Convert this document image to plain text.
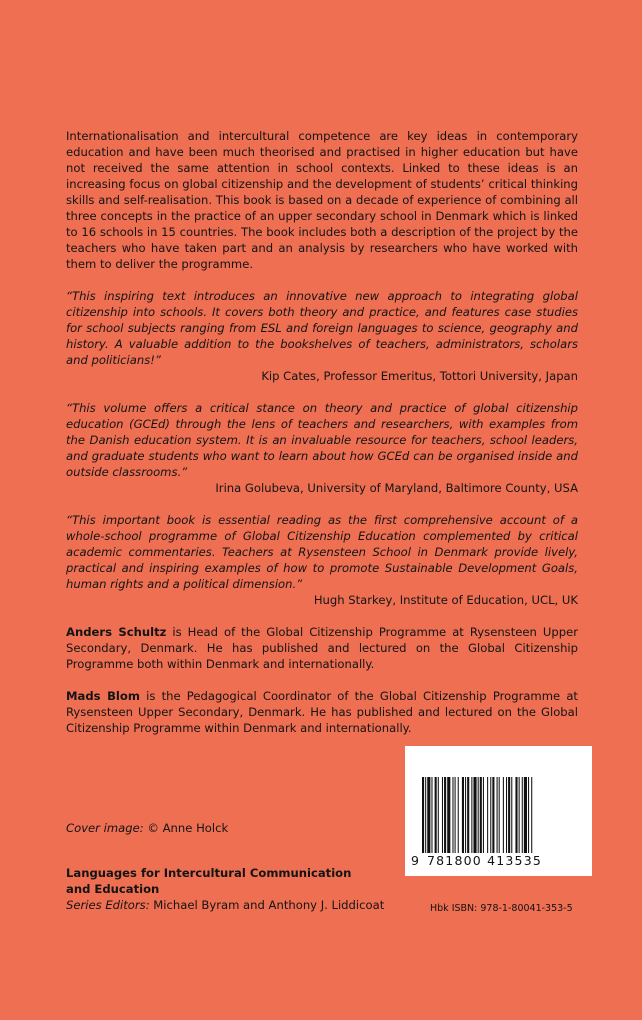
Internationalisation and intercultural competence are key ideas in contemporary education and have been much theorised and practised in higher education but have not received the same attention in school contexts. Linked to these ideas is an increasing focus on global citizenship and the development of students’ critical thinking skills and self-realisation. This book is based on a decade of experience of combining all three concepts in the practice of an upper secondary school in Denmark which is linked to 16 schools in 15 countries. The book includes both a description of the project by the teachers who have taken part and an analysis by researchers who have worked with them to deliver the programme.

“This inspiring text introduces an innovative new approach to integrating global citizenship into schools. It covers both theory and practice, and features case studies for school subjects ranging from ESL and foreign languages to science, geography and history. A valuable addition to the bookshelves of teachers, administrators, scholars and politicians!”

Kip Cates, Professor Emeritus, Tottori University, Japan

“This volume offers a critical stance on theory and practice of global citizenship education (GCEd) through the lens of teachers and researchers, with examples from the Danish education system. It is an invaluable resource for teachers, school leaders, and graduate students who want to learn about how GCEd can be organised inside and outside classrooms.”

Irina Golubeva, University of Maryland, Baltimore County, USA

“This important book is essential reading as the first comprehensive account of a whole-school programme of Global Citizenship Education complemented by critical academic commentaries. Teachers at Rysensteen School in Denmark provide lively, practical and inspiring examples of how to promote Sustainable Development Goals, human rights and a political dimension.”

Hugh Starkey, Institute of Education, UCL, UK

Anders Schultz is Head of the Global Citizenship Programme at Rysensteen Upper Secondary, Denmark. He has published and lectured on the Global Citizenship Programme both within Denmark and internationally.

Mads Blom is the Pedagogical Coordinator of the Global Citizenship Programme at Rysensteen Upper Secondary, Denmark. He has published and lectured on the Global Citizenship Programme within Denmark and internationally.

Cover image: © Anne Holck
Languages for Intercultural Communication
and Education
Series Editors: Michael Byram and Anthony J. Liddicoat
9 781800 413535
Hbk ISBN: 978-1-80041-353-5
